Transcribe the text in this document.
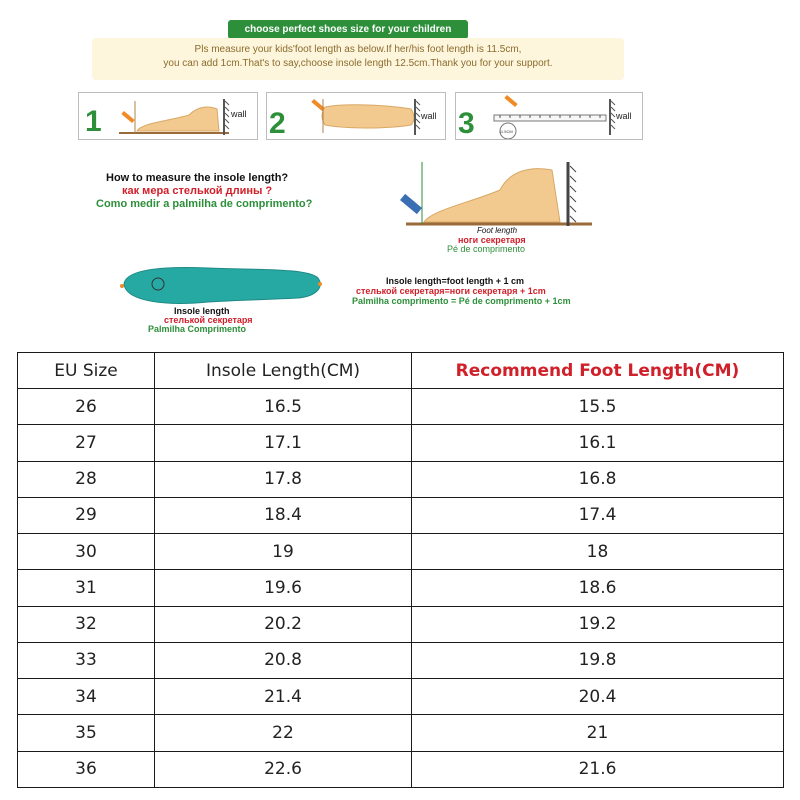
choose perfect shoes size for your children
Pls measure your kids'foot length as below.If her/his foot length is 11.5cm,
you can add 1cm.That's to say,choose insole length 12.5cm.Thank you for your support.
1	wall 2	wall 3	11.5CM
wall
How to measure the insole length?
как мера стелькой длины ?
Como medir a palmilha de comprimento?
Foot length
ноги секретаря
Pé de comprimento
Insole length
стелькой секретаря
Palmilha Comprimento
Insole length=foot length + 1 cm
стелькой секретаря=ноги секретаря + 1cm
Palmilha comprimento = Pé de comprimento + 1cm
EU Size	Insole Length(CM)	Recommend Foot Length(CM)
26	16.5	15.5
27	17.1	16.1
28	17.8	16.8
29	18.4	17.4
30	19	18
31	19.6	18.6
32	20.2	19.2
33	20.8	19.8
34	21.4	20.4
35	22	21
36	22.6	21.6
